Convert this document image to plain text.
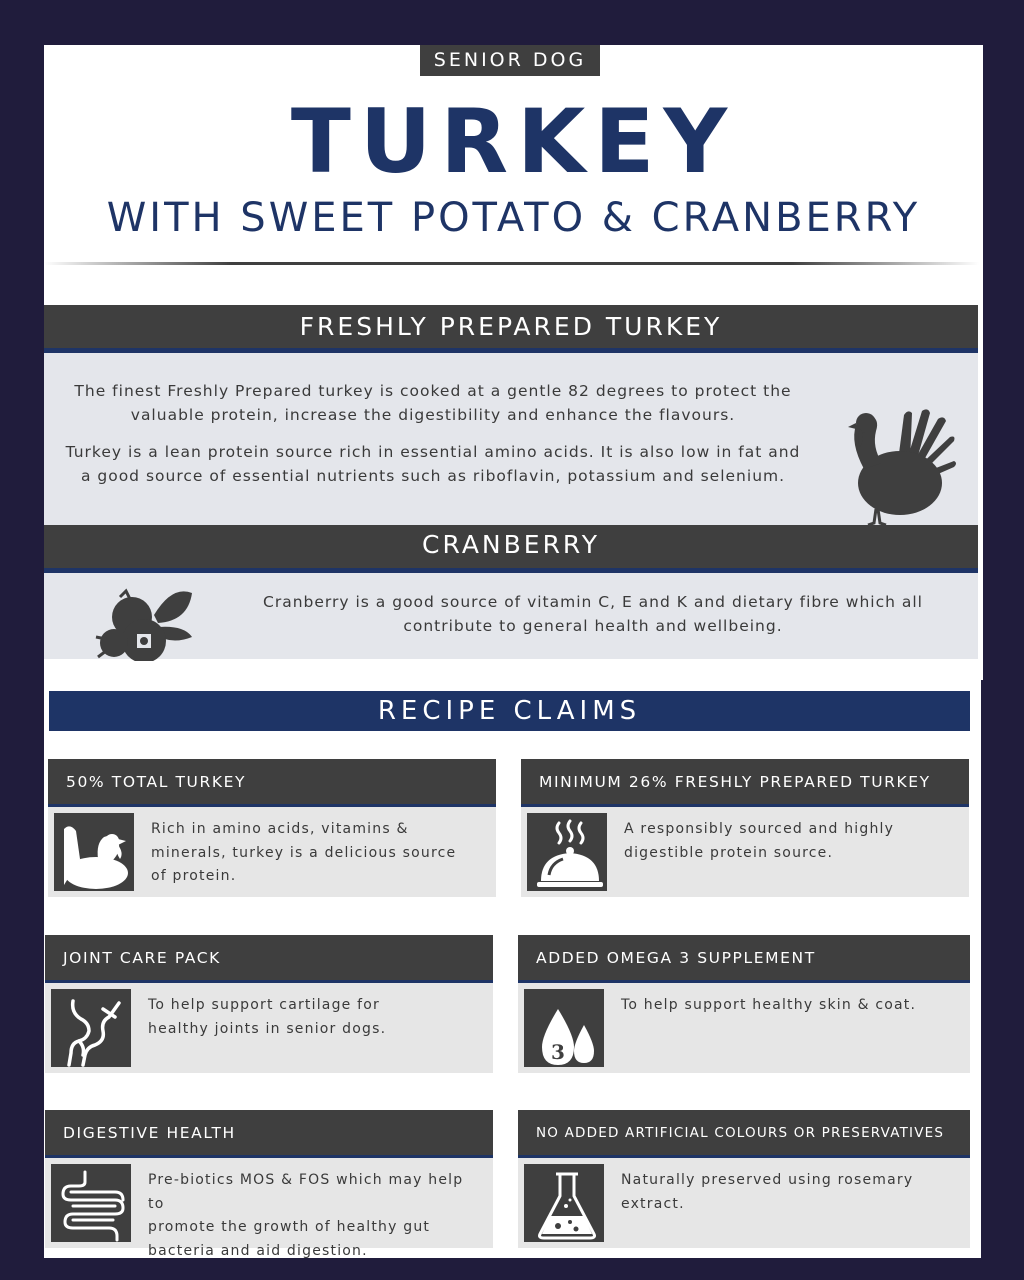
SENIOR DOG
TURKEY
WITH SWEET POTATO & CRANBERRY
FRESHLY PREPARED TURKEY
The finest Freshly Prepared turkey is cooked at a gentle 82 degrees to protect the
valuable protein, increase the digestibility and enhance the flavours.
Turkey is a lean protein source rich in essential amino acids. It is also low in fat and
a good source of essential nutrients such as riboflavin, potassium and selenium.
CRANBERRY
Cranberry is a good source of vitamin C, E and K and dietary fibre which all
contribute to general health and wellbeing.
RECIPE CLAIMS
50% TOTAL TURKEY
Rich in amino acids, vitamins &
minerals, turkey is a delicious source
of protein.
MINIMUM 26% FRESHLY PREPARED TURKEY
A responsibly sourced and highly
digestible protein source.
JOINT CARE PACK
To help support cartilage for
healthy joints in senior dogs.
ADDED OMEGA 3 SUPPLEMENT
3
To help support healthy skin & coat.
DIGESTIVE HEALTH
Pre-biotics MOS & FOS which may help to
promote the growth of healthy gut
bacteria and aid digestion.
NO ADDED ARTIFICIAL COLOURS OR PRESERVATIVES
Naturally preserved using rosemary
extract.
